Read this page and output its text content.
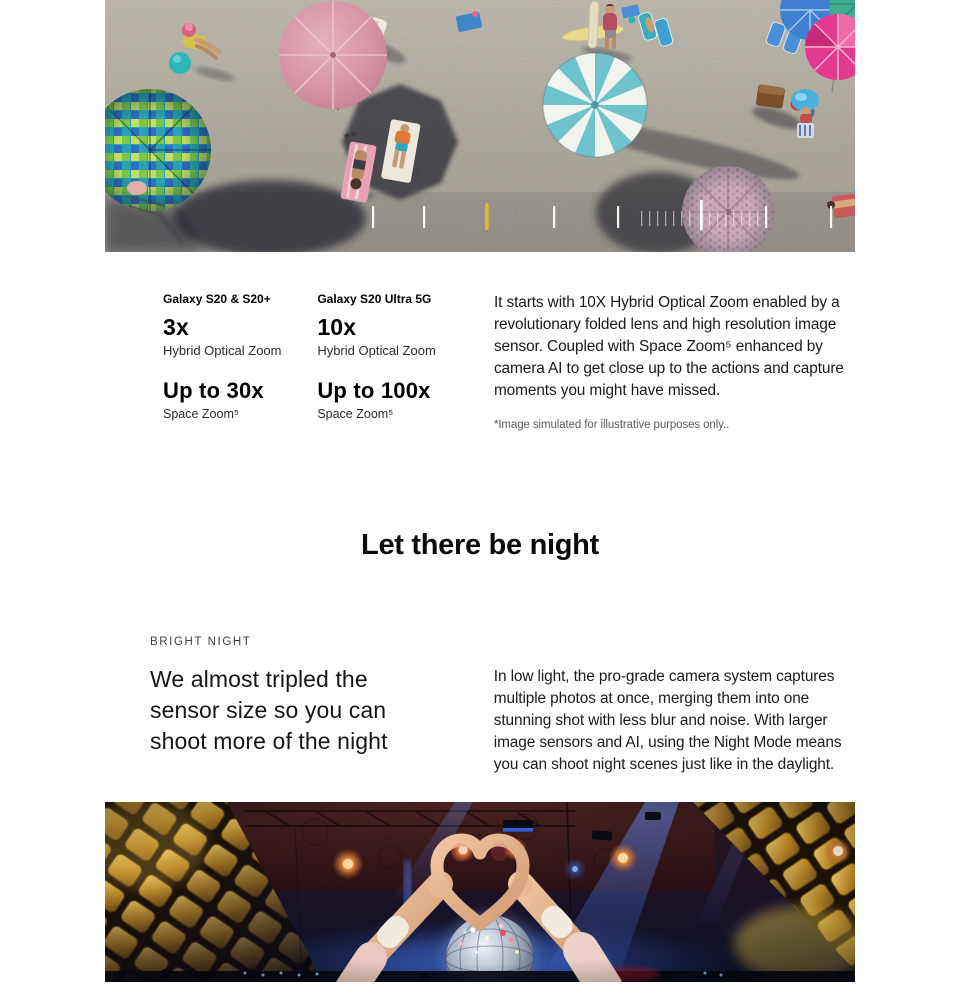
Galaxy S20 & S20+
3x
Hybrid Optical Zoom
Up to 30x
Space Zoom⁵
Galaxy S20 Ultra 5G
10x
Hybrid Optical Zoom
Up to 100x
Space Zoom⁵

It starts with 10X Hybrid Optical Zoom enabled by a revolutionary folded lens and high resolution image sensor. Coupled with Space Zoom⁵ enhanced by camera AI to get close up to the actions and capture moments you might have missed.

*Image simulated for illustrative purposes only..

Let there be night
BRIGHT NIGHT
We almost tripled the sensor size so you can shoot more of the night

In low light, the pro-grade camera system captures multiple photos at once, merging them into one stunning shot with less blur and noise. With larger image sensors and AI, using the Night Mode means you can shoot night scenes just like in the daylight.
